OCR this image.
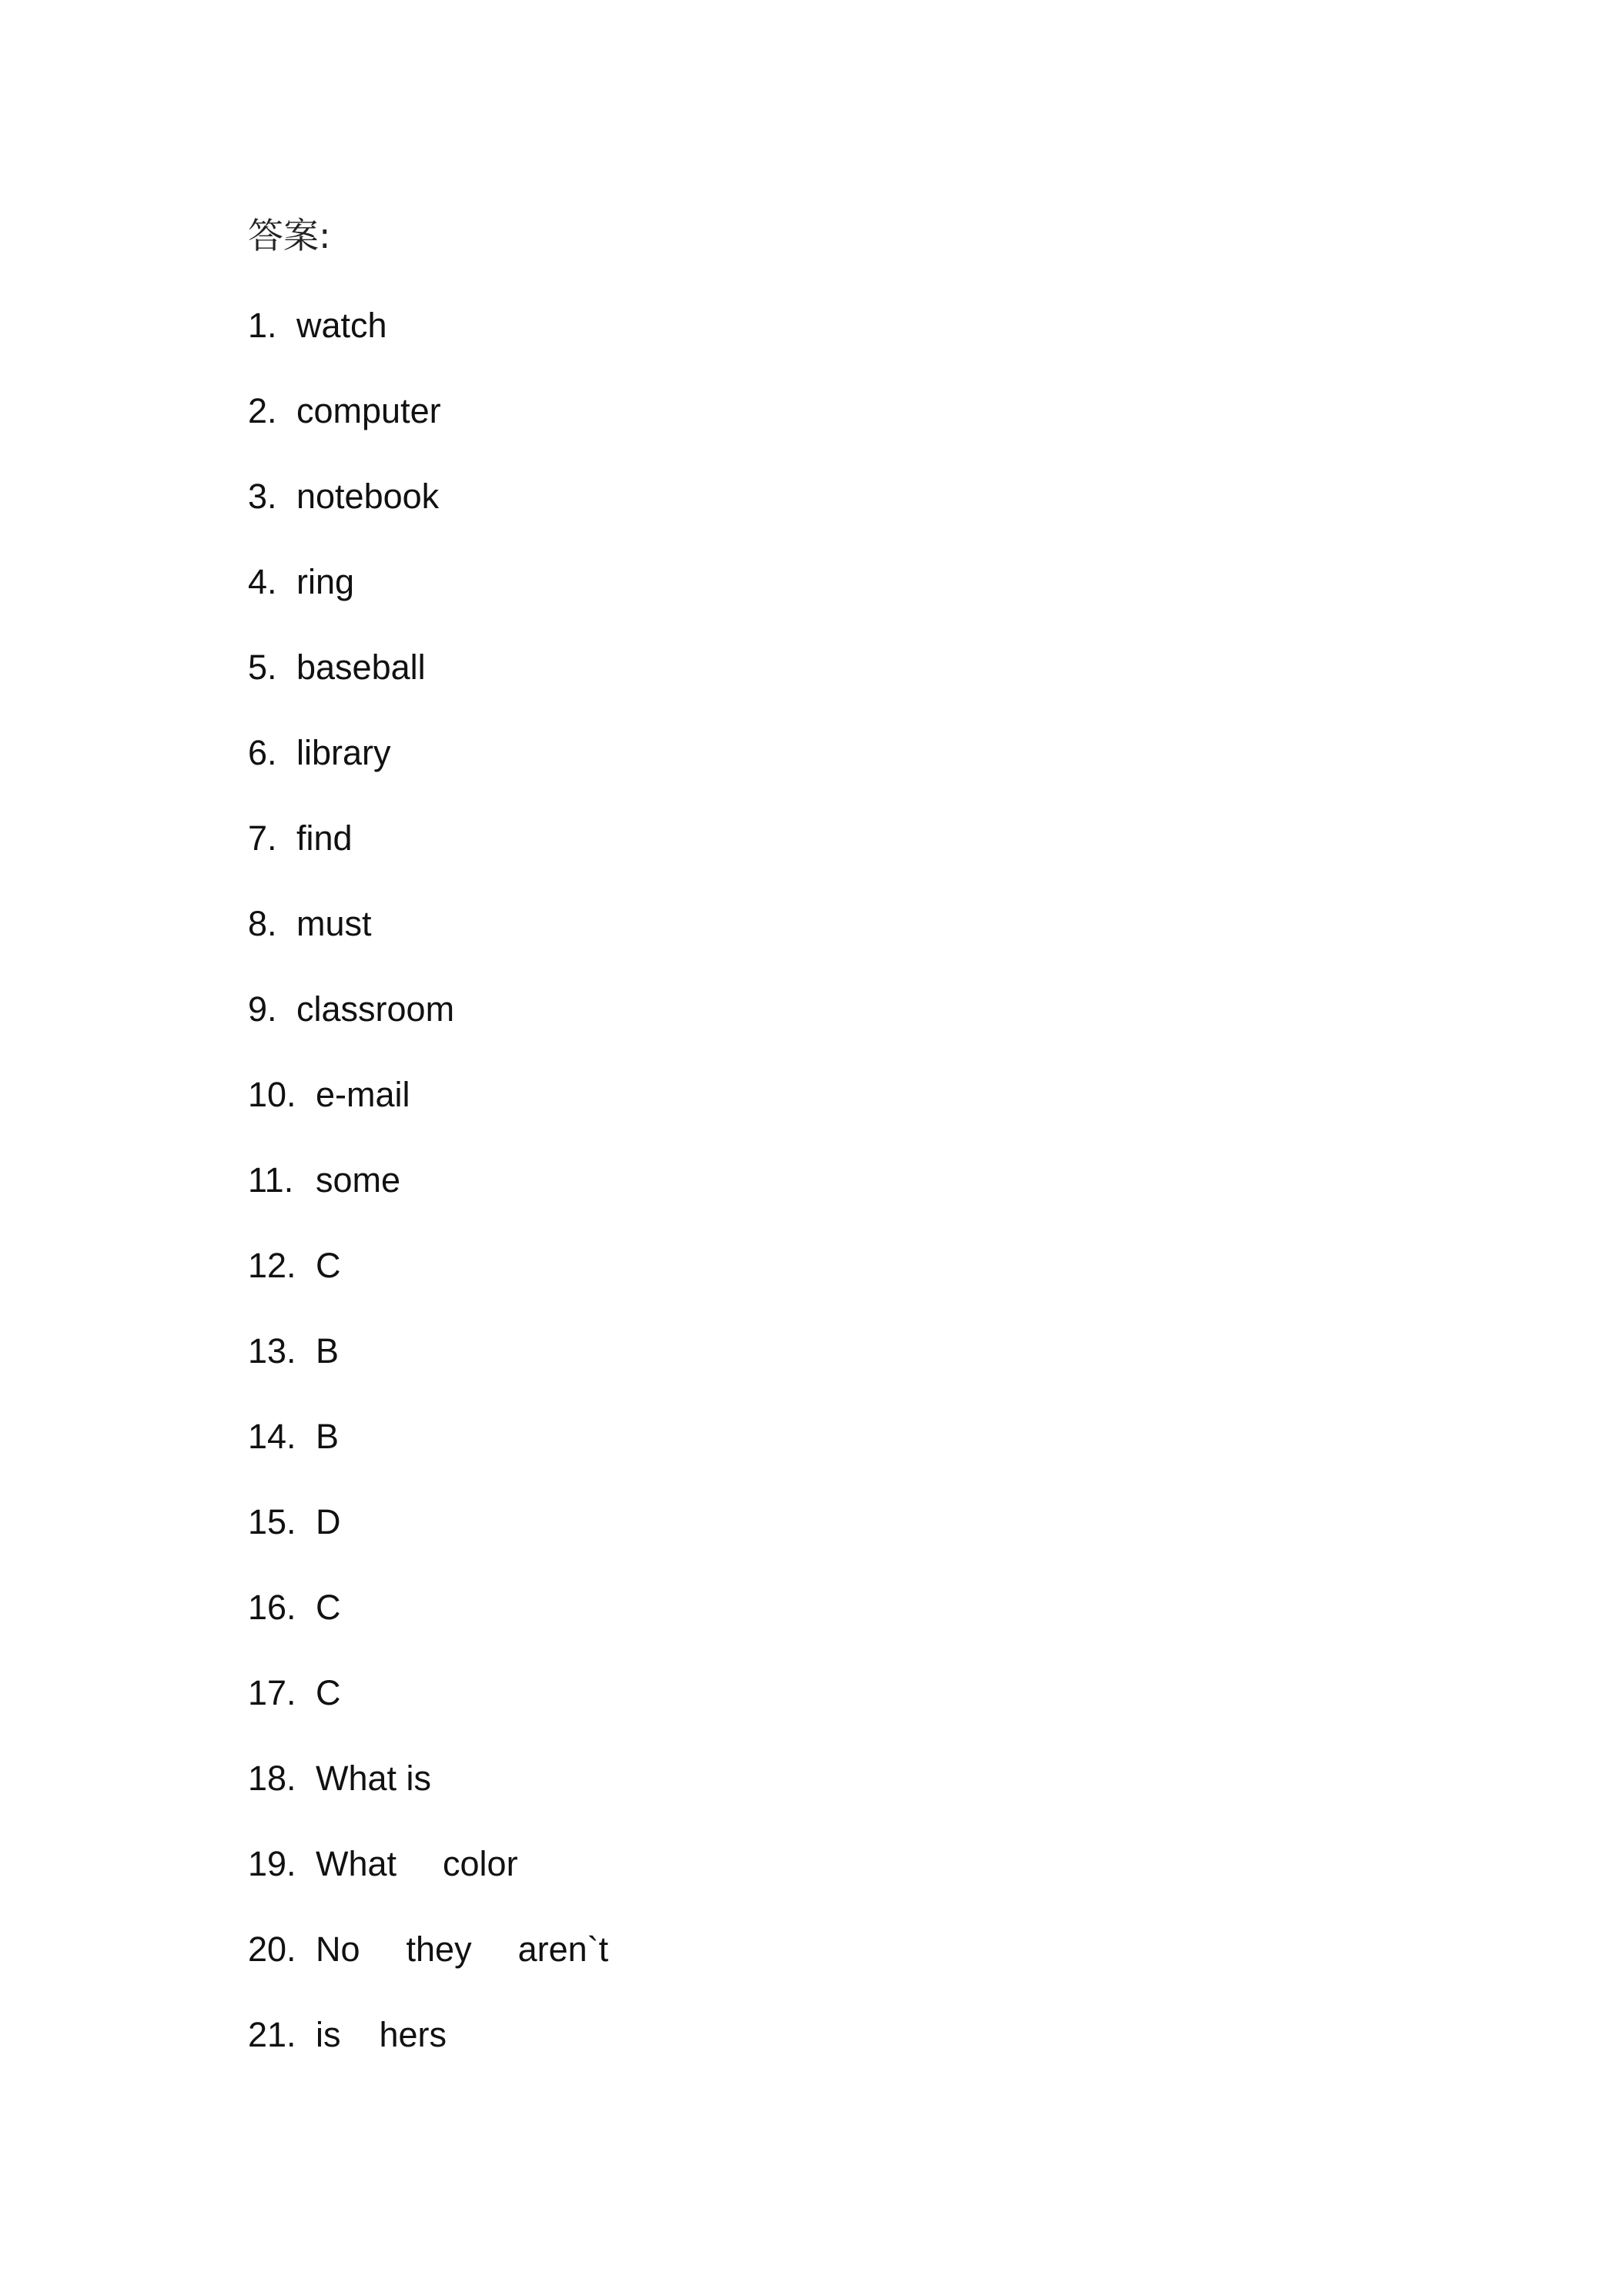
答案:
1. watch
2. computer
3. notebook
4. ring
5. baseball
6. library
7. find
8. must
9. classroom
10. e-mail
11. some
12. C
13. B
14. B
15. D
16. C
17. C
18. What is
19. What color
20. No they aren`t
21. is hers
